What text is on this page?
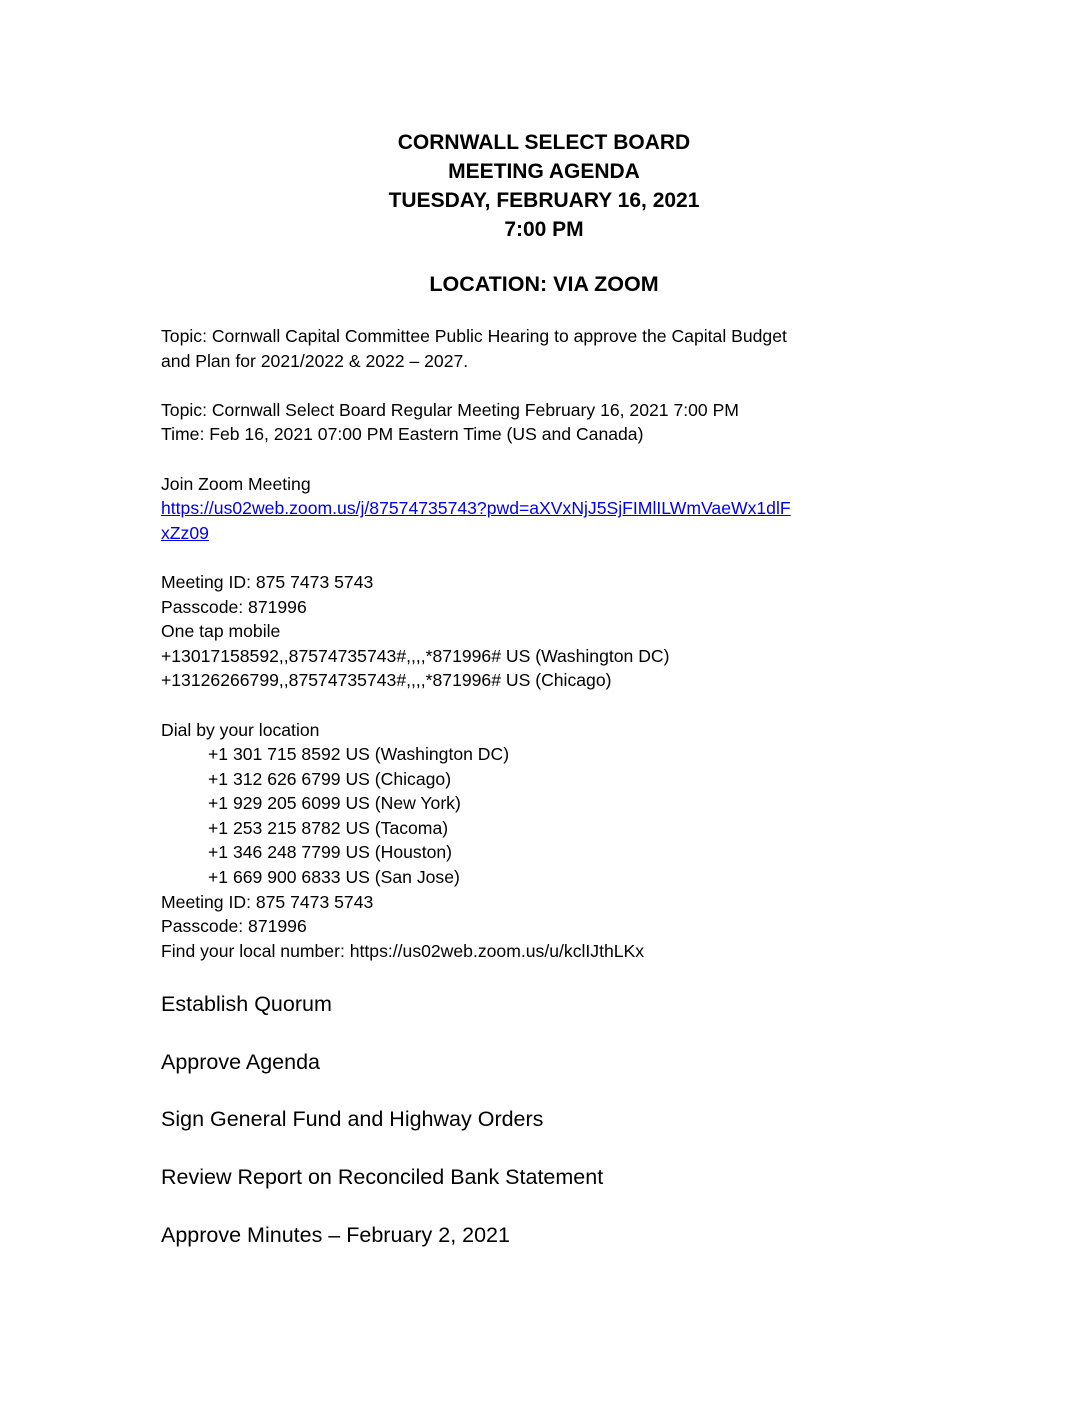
CORNWALL SELECT BOARD
MEETING AGENDA
TUESDAY, FEBRUARY 16, 2021
7:00 PM
LOCATION: VIA ZOOM
Topic: Cornwall Capital Committee Public Hearing to approve the Capital Budget
and Plan for 2021/2022 & 2022 – 2027.
Topic: Cornwall Select Board Regular Meeting February 16, 2021 7:00 PM
Time: Feb 16, 2021 07:00 PM Eastern Time (US and Canada)
Join Zoom Meeting
https://us02web.zoom.us/j/87574735743?pwd=aXVxNjJ5SjFIMlILWmVaeWx1dlF
xZz09
Meeting ID: 875 7473 5743
Passcode: 871996
One tap mobile
+13017158592,,87574735743#,,,,*871996# US (Washington DC)
+13126266799,,87574735743#,,,,*871996# US (Chicago)
Dial by your location
+1 301 715 8592 US (Washington DC)
+1 312 626 6799 US (Chicago)
+1 929 205 6099 US (New York)
+1 253 215 8782 US (Tacoma)
+1 346 248 7799 US (Houston)
+1 669 900 6833 US (San Jose)
Meeting ID: 875 7473 5743
Passcode: 871996
Find your local number: https://us02web.zoom.us/u/kclIJthLKx
Establish Quorum
Approve Agenda
Sign General Fund and Highway Orders
Review Report on Reconciled Bank Statement
Approve Minutes – February 2, 2021
